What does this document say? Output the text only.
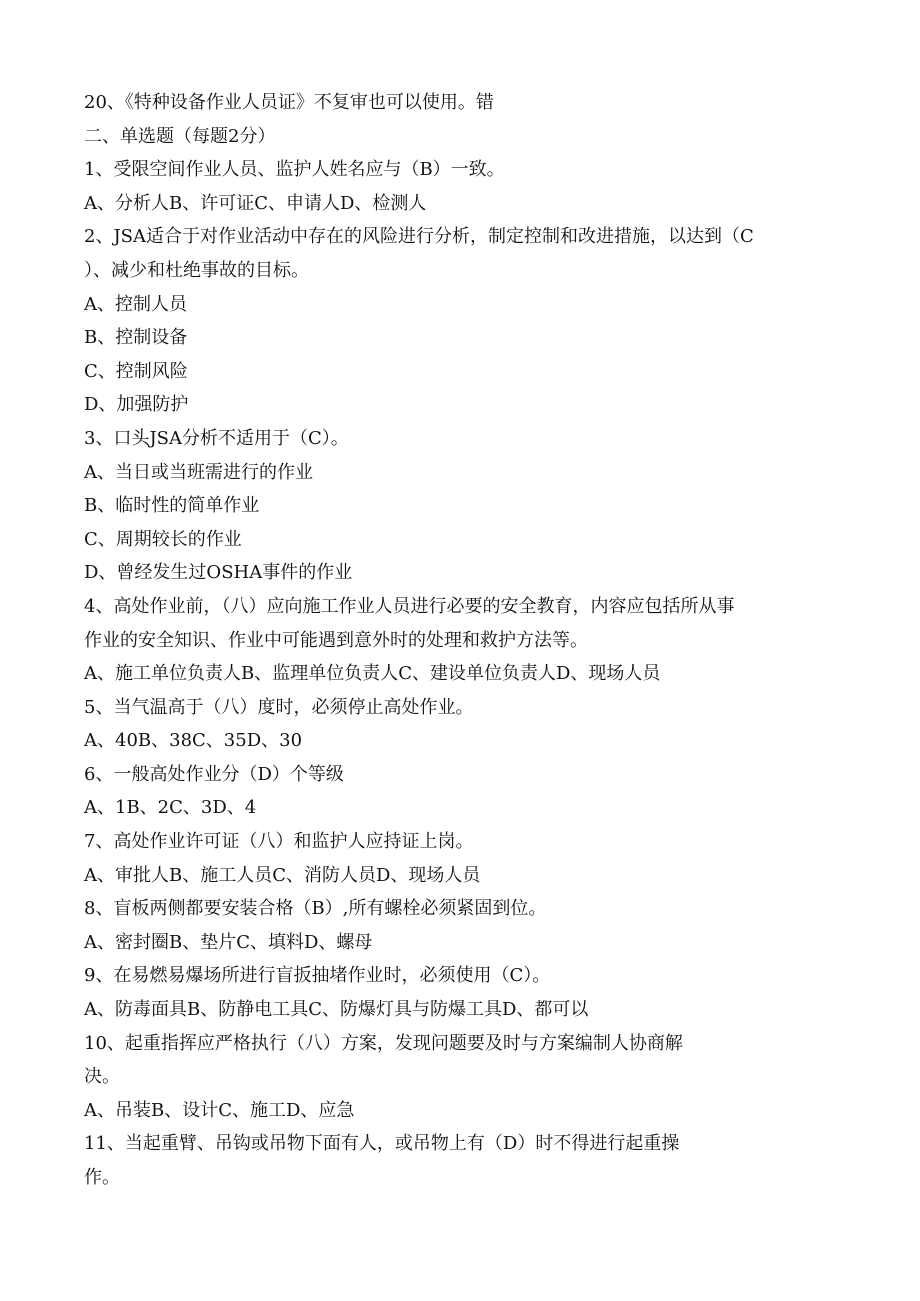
20、《特种设备作业人员证》不复审也可以使用。错
二、单选题（每题2分）
1、受限空间作业人员、监护人姓名应与（B）一致。
A、分析人B、许可证C、申请人D、检测人
2、JSA适合于对作业活动中存在的风险进行分析，制定控制和改进措施，以达到（C
）、减少和杜绝事故的目标。
A、控制人员
B、控制设备
C、控制风险
D、加强防护
3、口头JSA分析不适用于（C）。
A、当日或当班需进行的作业
B、临时性的简单作业
C、周期较长的作业
D、曾经发生过OSHA事件的作业
4、高处作业前，（八）应向施工作业人员进行必要的安全教育，内容应包括所从事
作业的安全知识、作业中可能遇到意外时的处理和救护方法等。
A、施工单位负责人B、监理单位负责人C、建设单位负责人D、现场人员
5、当气温高于（八）度时，必须停止高处作业。
A、40B、38C、35D、30
6、一般高处作业分（D）个等级
A、1B、2C、3D、4
7、高处作业许可证（八）和监护人应持证上岗。
A、审批人B、施工人员C、消防人员D、现场人员
8、盲板两侧都要安装合格（B）,所有螺栓必须紧固到位。
A、密封圈B、垫片C、填料D、螺母
9、在易燃易爆场所进行盲扳抽堵作业时，必须使用（C）。
A、防毒面具B、防静电工具C、防爆灯具与防爆工具D、都可以
10、起重指挥应严格执行（八）方案，发现问题要及时与方案编制人协商解
决。
A、吊装B、设计C、施工D、应急
11、当起重臂、吊钩或吊物下面有人，或吊物上有（D）时不得进行起重操
作。
